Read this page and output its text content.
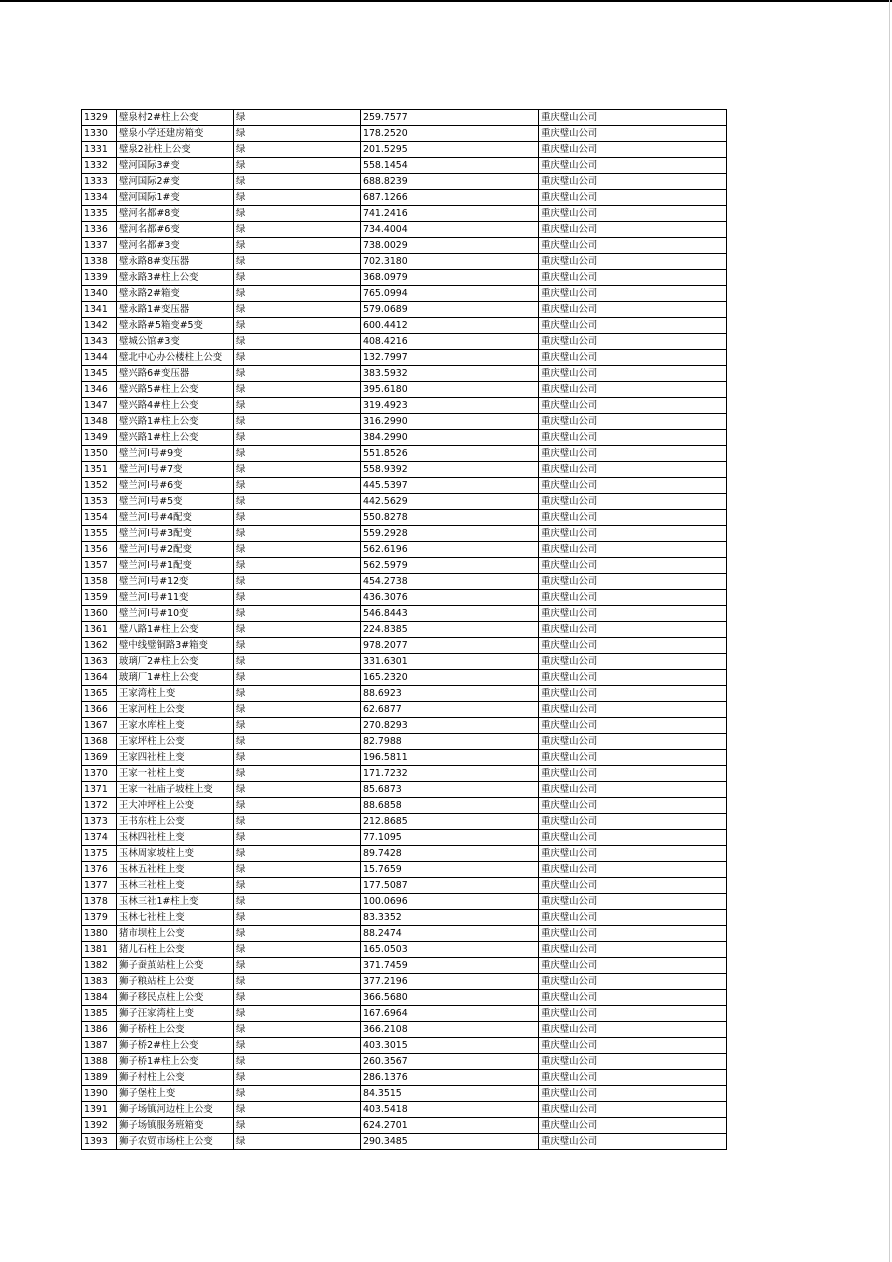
1329	璧泉村2#柱上公变	绿	259.7577	重庆璧山公司
1330	璧泉小学还建房箱变	绿	178.2520	重庆璧山公司
1331	璧泉2社柱上公变	绿	201.5295	重庆璧山公司
1332	璧河国际3#变	绿	558.1454	重庆璧山公司
1333	璧河国际2#变	绿	688.8239	重庆璧山公司
1334	璧河国际1#变	绿	687.1266	重庆璧山公司
1335	璧河名都#8变	绿	741.2416	重庆璧山公司
1336	璧河名都#6变	绿	734.4004	重庆璧山公司
1337	璧河名都#3变	绿	738.0029	重庆璧山公司
1338	璧永路8#变压器	绿	702.3180	重庆璧山公司
1339	璧永路3#柱上公变	绿	368.0979	重庆璧山公司
1340	璧永路2#箱变	绿	765.0994	重庆璧山公司
1341	璧永路1#变压器	绿	579.0689	重庆璧山公司
1342	璧永路#5箱变#5变	绿	600.4412	重庆璧山公司
1343	璧城公馆#3变	绿	408.4216	重庆璧山公司
1344	璧北中心办公楼柱上公变	绿	132.7997	重庆璧山公司
1345	璧兴路6#变压器	绿	383.5932	重庆璧山公司
1346	璧兴路5#柱上公变	绿	395.6180	重庆璧山公司
1347	璧兴路4#柱上公变	绿	319.4923	重庆璧山公司
1348	璧兴路1#柱上公变	绿	316.2990	重庆璧山公司
1349	璧兴路1#柱上公变	绿	384.2990	重庆璧山公司
1350	璧兰河I号#9变	绿	551.8526	重庆璧山公司
1351	璧兰河I号#7变	绿	558.9392	重庆璧山公司
1352	璧兰河I号#6变	绿	445.5397	重庆璧山公司
1353	璧兰河I号#5变	绿	442.5629	重庆璧山公司
1354	璧兰河I号#4配变	绿	550.8278	重庆璧山公司
1355	璧兰河I号#3配变	绿	559.2928	重庆璧山公司
1356	璧兰河I号#2配变	绿	562.6196	重庆璧山公司
1357	璧兰河I号#1配变	绿	562.5979	重庆璧山公司
1358	璧兰河I号#12变	绿	454.2738	重庆璧山公司
1359	璧兰河I号#11变	绿	436.3076	重庆璧山公司
1360	璧兰河I号#10变	绿	546.8443	重庆璧山公司
1361	璧八路1#柱上公变	绿	224.8385	重庆璧山公司
1362	璧中线璧铜路3#箱变	绿	978.2077	重庆璧山公司
1363	玻璃厂2#柱上公变	绿	331.6301	重庆璧山公司
1364	玻璃厂1#柱上公变	绿	165.2320	重庆璧山公司
1365	王家湾柱上变	绿	88.6923	重庆璧山公司
1366	王家河柱上公变	绿	62.6877	重庆璧山公司
1367	王家水库柱上变	绿	270.8293	重庆璧山公司
1368	王家坪柱上公变	绿	82.7988	重庆璧山公司
1369	王家四社柱上变	绿	196.5811	重庆璧山公司
1370	王家一社柱上变	绿	171.7232	重庆璧山公司
1371	王家一社庙子坡柱上变	绿	85.6873	重庆璧山公司
1372	王大冲坪柱上公变	绿	88.6858	重庆璧山公司
1373	王书东柱上公变	绿	212.8685	重庆璧山公司
1374	玉林四社柱上变	绿	77.1095	重庆璧山公司
1375	玉林周家坡柱上变	绿	89.7428	重庆璧山公司
1376	玉林五社柱上变	绿	15.7659	重庆璧山公司
1377	玉林三社柱上变	绿	177.5087	重庆璧山公司
1378	玉林三社1#柱上变	绿	100.0696	重庆璧山公司
1379	玉林七社柱上变	绿	83.3352	重庆璧山公司
1380	猪市坝柱上公变	绿	88.2474	重庆璧山公司
1381	猪儿石柱上公变	绿	165.0503	重庆璧山公司
1382	狮子蚕茧站柱上公变	绿	371.7459	重庆璧山公司
1383	狮子粮站柱上公变	绿	377.2196	重庆璧山公司
1384	狮子移民点柱上公变	绿	366.5680	重庆璧山公司
1385	狮子汪家湾柱上变	绿	167.6964	重庆璧山公司
1386	狮子桥柱上公变	绿	366.2108	重庆璧山公司
1387	狮子桥2#柱上公变	绿	403.3015	重庆璧山公司
1388	狮子桥1#柱上公变	绿	260.3567	重庆璧山公司
1389	狮子村柱上公变	绿	286.1376	重庆璧山公司
1390	狮子堡柱上变	绿	84.3515	重庆璧山公司
1391	狮子场镇河边柱上公变	绿	403.5418	重庆璧山公司
1392	狮子场镇服务班箱变	绿	624.2701	重庆璧山公司
1393	狮子农贸市场柱上公变	绿	290.3485	重庆璧山公司
